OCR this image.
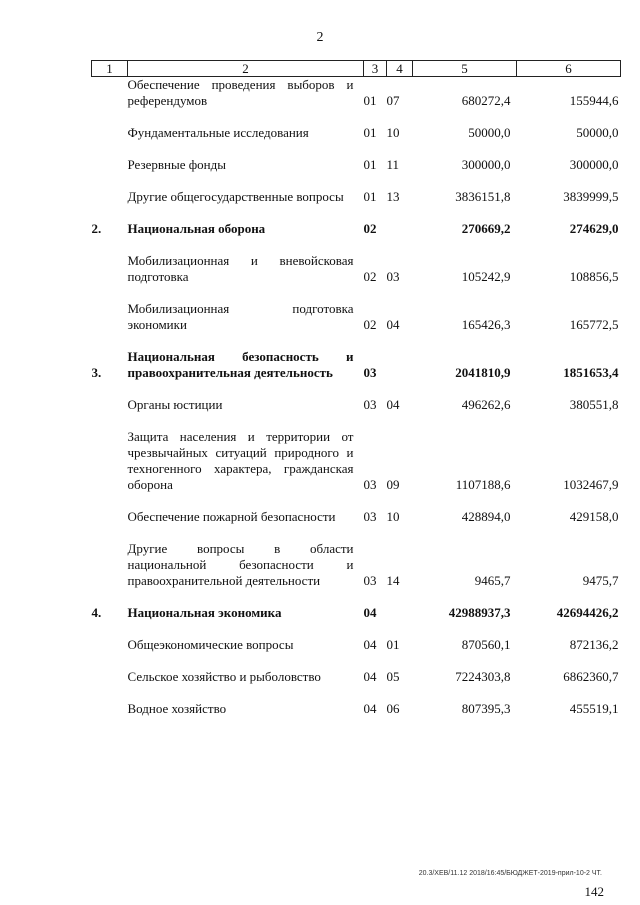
2
1	2	3	4	5	6
	Обеспечение проведения выборов и референдумов	01	07	680272,4	155944,6

	Фундаментальные исследования	01	10	50000,0	50000,0

	Резервные фонды	01	11	300000,0	300000,0

	Другие общегосударственные вопросы	01	13	3836151,8	3839999,5

2.	Национальная оборона	02		270669,2	274629,0

	Мобилизационная и вневойсковая подготовка	02	03	105242,9	108856,5

	Мобилизационная подготовка экономики	02	04	165426,3	165772,5

3.	Национальная безопасность и правоохранительная деятельность	03		2041810,9	1851653,4

	Органы юстиции	03	04	496262,6	380551,8

	Защита населения и территории от чрезвычайных ситуаций природного и техногенного характера, гражданская оборона	03	09	1107188,6	1032467,9

	Обеспечение пожарной безопасности	03	10	428894,0	429158,0

	Другие вопросы в области национальной безопасности и правоохранительной деятельности	03	14	9465,7	9475,7

4.	Национальная экономика	04		42988937,3	42694426,2

	Общеэкономические вопросы	04	01	870560,1	872136,2

	Сельское хозяйство и рыболовство	04	05	7224303,8	6862360,7

	Водное хозяйство	04	06	807395,3	455519,1
20.3/XEB/11.12 2018/16:45/БЮДЖЕТ-2019-прил-10-2 ЧТ.
142
